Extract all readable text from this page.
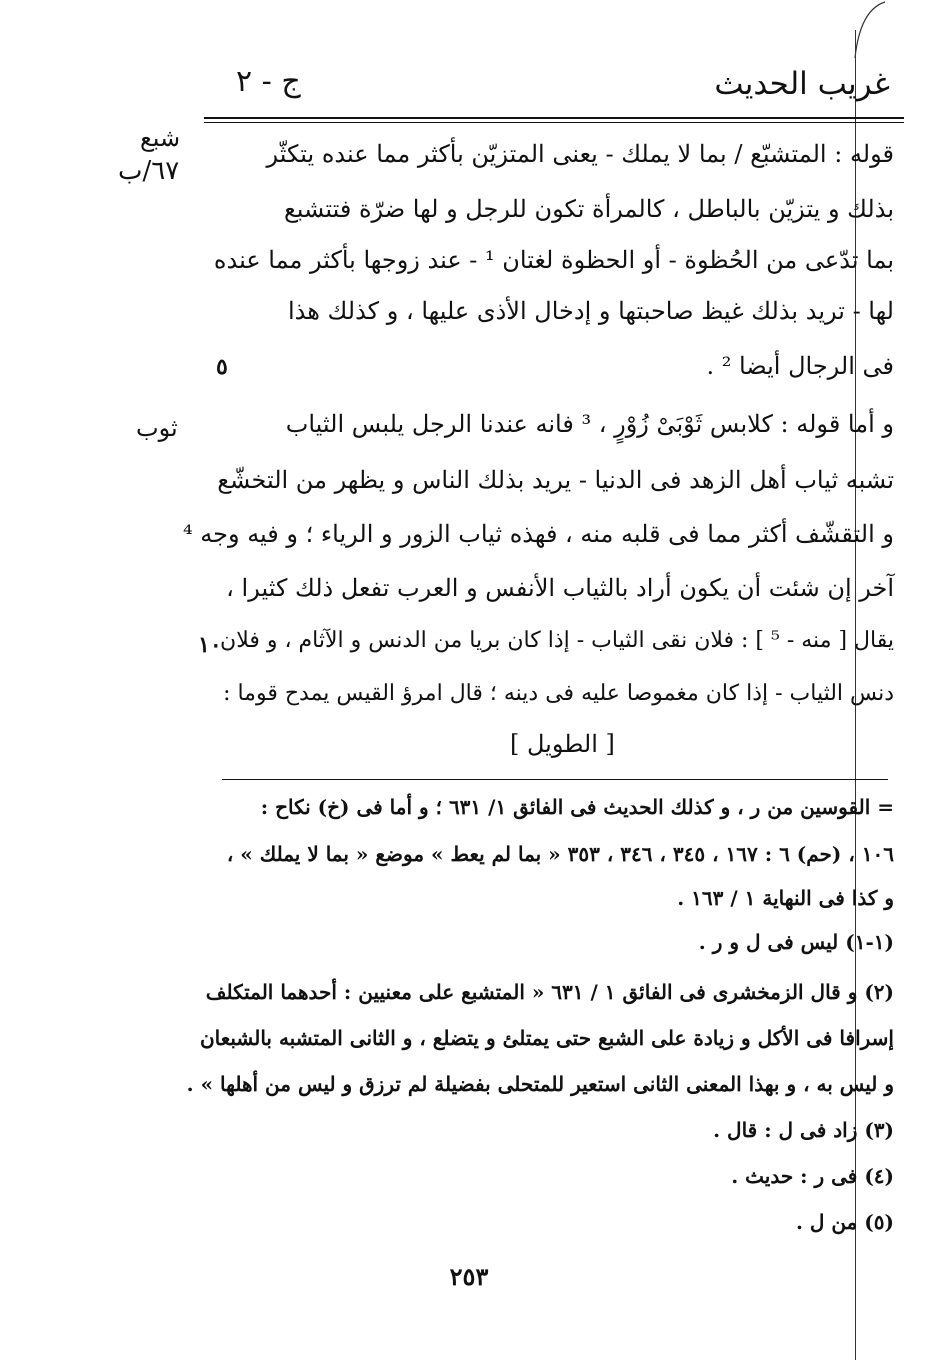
غريب الحديث
ج - ٢
شبع
٦٧/ب
ثوب
٥
١٠
قوله : المتشبّع / بما لا يملك - يعنى المتزيّن بأكثر مما عنده يتكثّر
بذلك و يتزيّن بالباطل ، كالمرأة تكون للرجل و لها ضرّة فتتشبع
بما تدّعى من الحُظوة - أو الحظوة لغتان ¹ - عند زوجها بأكثر مما عنده
لها - تريد بذلك غيظ صاحبتها و إدخال الأذى عليها ، و كذلك هذا
فى الرجال أيضا ² .
و أما قوله : كلابس ثَوْبَىْ زُوْرٍ ، ³ فانه عندنا الرجل يلبس الثياب
تشبه ثياب أهل الزهد فى الدنيا - يريد بذلك الناس و يظهر من التخشّع
و التقشّف أكثر مما فى قلبه منه ، فهذه ثياب الزور و الرياء ؛ و فيه وجه ⁴
آخر إن شئت أن يكون أراد بالثياب الأنفس و العرب تفعل ذلك كثيرا ،
يقال [ منه - ⁵ ] : فلان نقى الثياب - إذا كان بريا من الدنس و الآثام ، و فلان
دنس الثياب - إذا كان مغموصا عليه فى دينه ؛ قال امرؤ القيس يمدح قوما :
[ الطويل ]
= القوسين من ر ، و كذلك الحديث فى الفائق ١/ ٦٣١ ؛ و أما فى (خ) نكاح :
١٠٦ ، (حم) ٦ : ١٦٧ ، ٣٤٥ ، ٣٤٦ ، ٣٥٣ « بما لم يعط » موضع « بما لا يملك » ،
و كذا فى النهاية ١ / ١٦٣ .
(١-١) ليس فى ل و ر .
(٢) و قال الزمخشرى فى الفائق ١ / ٦٣١ « المتشبع على معنيين : أحدهما المتكلف
إسرافا فى الأكل و زيادة على الشبع حتى يمتلئ و يتضلع ، و الثانى المتشبه بالشبعان
و ليس به ، و بهذا المعنى الثانى استعير للمتحلى بفضيلة لم ترزق و ليس من أهلها » .
(٣) زاد فى ل : قال .
(٤) فى ر : حديث .
(٥) من ل .
٢٥٣
